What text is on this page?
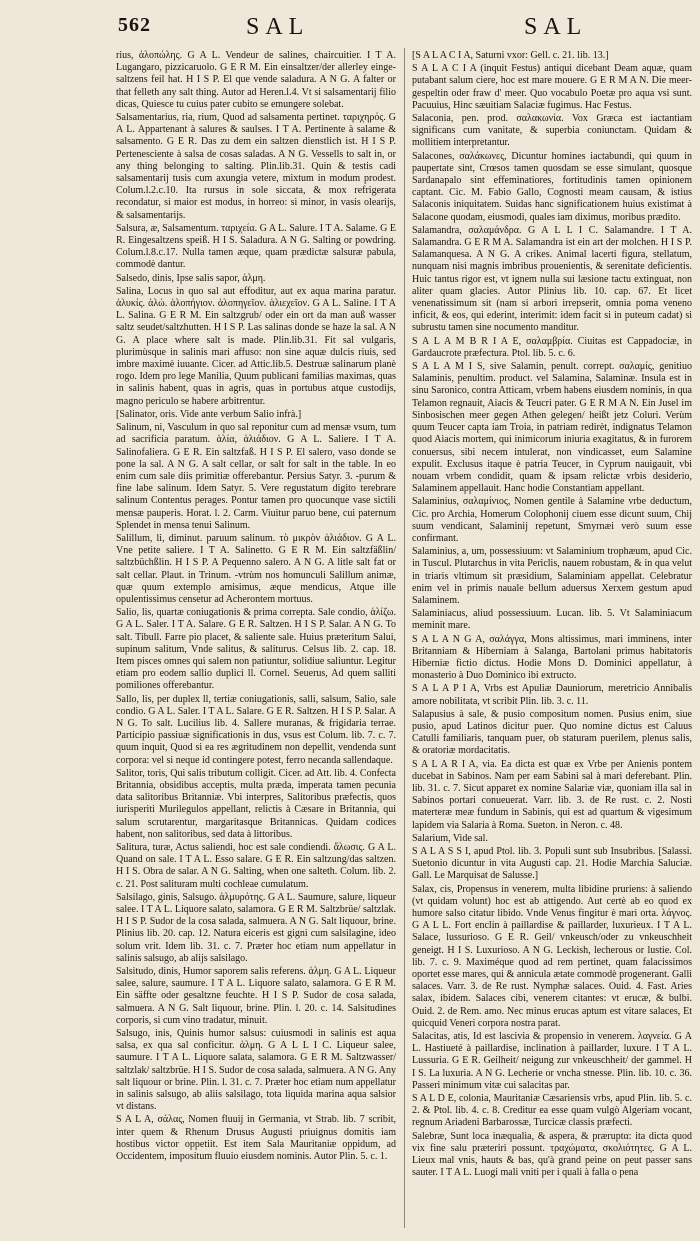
562	SAL	SAL

rius, ἁλοπώλης. G A L. Vendeur de salines, chaircuitier. I T A. Lugangaro, pizzicaruolo. G E R M. Ein einsaltzer/der allerley einge-saltzens feil hat. H I S P. El que vende saladura. A N G. A falter or that felleth any salt thing. Autor ad Heren.l.4. Vt si salsamentarij filio dicas, Quiesce tu cuius pater cubito se emungere solebat.

Salsamentarius, ria, rium, Quod ad salsamenta pertinet. ταριχηρός. G A L. Appartenant à salures & saulses. I T A. Pertinente à salame & salsamento. G E R. Das zu dem ein saltzen dienstlich ist. H I S P. Pertenesciente à salsa de cosas saladas. A N G. Vessells to salt in, or any thing belonging to salting. Plin.lib.31. Quin & testis cadi salsamentarij tusis cum axungia vetere, mixtum in modum prodest. Colum.l.2.c.10. Ita rursus in sole siccata, & mox refrigerata recondatur, si maior est modus, in horreo: si minor, in vasis olearijs, & salsamentarijs.

Salsura, æ, Salsamentum. ταριχεία. G A L. Salure. I T A. Salame. G E R. Eingesaltzens speiß. H I S. Saladura. A N G. Salting or powdring. Colum.l.8.c.17. Nulla tamen æque, quam prædictæ salsuræ pabula, commodè dantur.

Salsedo, dinis, Ipse salis sapor, ἁλμη.

Salina, Locus in quo sal aut effoditur, aut ex aqua marina paratur. ἁλυκίς. ἁλώ. ἁλοπήγιον. ἁλοπηγεῖον. ἁλιεχεῖον. G A L. Saline. I T A L. Salina. G E R M. Ein saltzgrub/ oder ein ort da man auß wasser saltz seudet/saltzhutten. H I S P. Las salinas donde se haze la sal. A N G. A place where salt is made. Plin.lib.31. Fit sal vulgaris, plurimùsque in salinis mari affuso: non sine aquæ dulcis riuis, sed imbre maximè iuuante. Cicer. ad Attic.lib.5. Destruæ salinarum planè rogo. Idem pro lege Manilia, Quum publicani familias maximas, quas in salinis habent, quas in agris, quas in portubus atque custodijs, magno periculo se habere arbitrentur.

[Salinator, oris. Vide ante verbum Salio infrà.]

Salinum, ni, Vasculum in quo sal reponitur cum ad mensæ vsum, tum ad sacrificia paratum. ἁλία, ἁλιάδιον. G A L. Saliere. I T A. Salinofaliera. G E R. Ein saltzfaß. H I S P. El salero, vaso donde se pone la sal. A N G. A salt cellar, or salt for salt in the table. In eo enim cum sale diis primitiæ offerebantur. Persius Satyr. 3. -purum & fine labe salinum. Idem Satyr. 5. Vere regustatum digito terebrare salinum Contentus perages. Pontur tamen pro quocunque vase sictili mensæ pauperis. Horat. l. 2. Carm. Viuitur paruo bene, cui paternum Splendet in mensa tenui Salinum.

Salillum, li, diminut. paruum salinum. τὸ μικρὸν ἁλιάδιον. G A L. Vne petite saliere. I T A. Salinetto. G E R M. Ein saltzfäßlin/ saltzbüchßlin. H I S P. A Pequenno salero. A N G. A litle salt fat or salt cellar. Plaut. in Trinum. -vtrùm nos homunculi Salillum animæ, quæ quum extemplo amisimus, æque mendicus, Atque ille opulentissimus censetur ad Acherontem mortuus.

Salio, lis, quartæ coniugationis & prima correpta. Sale condio, ἁλίζω. G A L. Saler. I T A. Salare. G E R. Saltzen. H I S P. Salar. A N G. To salt. Tibull. Farre pio placet, & saliente sale. Huius præteritum Salui, supinum salitum, Vnde salitus, & saliturus. Celsus lib. 2. cap. 18. Item pisces omnes qui salem non patiuntur, solidiue saliuntur. Legitur etiam pro eodem sallio duplici ll. Cornel. Seuerus, Ad quem salliti pomiliones offerebantur.

Sallo, lis, per duplex ll, tertiæ coniugationis, salli, salsum, Salio, sale condio. G A L. Saler. I T A L. Salare. G E R. Saltzen. H I S P. Salar. A N G. To salt. Lucilius lib. 4. Sallere muranas, & frigidaria terrae. Participio passiuæ significationis in dus, vsus est Colum. lib. 7. c. 7. quum inquit, Quod si ea res ægritudinem non depellit, vendenda sunt corpora: vel si neque id contingere potest, ferro necanda sallendaque.

Salitor, toris, Qui salis tributum colligit. Cicer. ad Att. lib. 4. Confecta Britannia, obsidibus acceptis, multa præda, imperata tamen pecunia data salitoribus Britanniæ. Vbi interpres, Salitoribus præfectis, quos iurisperiti Murilegulos appellant, relictis à Cæsare in Britannia, qui salum scrutarentur, margaritasque Britannicas. Quidam codices habent, non salitoribus, sed data à littoribus.

Salitura, turæ, Actus saliendi, hoc est sale condiendi. ἅλωσις. G A L. Quand on sale. I T A L. Esso salare. G E R. Ein saltzung/das saltzen. H I S. Obra de salar. A N G. Salting, when one salteth. Colum. lib. 2. c. 21. Post salituram multi cochleae cumulatum.

Salsilago, ginis, Salsugo. ἁλμυρότης. G A L. Saumure, salure, liqueur salee. I T A L. Liquore salato, salamora. G E R M. Saltzbrüe/ saltzlak. H I S P. Sudor de la cosa salada, salmuera. A N G. Salt liquour, brine. Plinius lib. 20. cap. 12. Natura eiceris est gigni cum salsilagine, ideo solum vrit. Idem lib. 31. c. 7. Præter hoc etiam num appellatur in salinis salsugo, ab alijs salsilago.

Salsitudo, dinis, Humor saporem salis referens. ἁλμη. G A L. Liqueur salee, salure, saumure. I T A L. Liquore salato, salamora. G E R M. Ein säffte oder gesaltzne feuchte. H I S P. Sudor de cosa salada, salmuera. A N G. Salt liquour, brine. Plin. l. 20. c. 14. Salsitudines corporis, si cum vino tradatur, minuit.

Salsugo, inis, Quinis humor salsus: cuiusmodi in salinis est aqua salsa, ex qua sal conficitur. ἁλμη. G A L L I C. Liqueur salee, saumure. I T A L. Liquore salata, salamora. G E R M. Saltzwasser/ saltzlak/ saltzbrüe. H I S. Sudor de cosa salada, salmuera. A N G. Any salt liquour or brine. Plin. l. 31. c. 7. Præter hoc etiam num appellatur in salinis salsugo, ab aliis salsilago, tota liquida marina aqua salsior vt distans.

S A L A, σάλας, Nomen fluuij in Germania, vt Strab. lib. 7 scribit, inter quem & Rhenum Drusus Augusti priuignus domitis iam hostibus victor oppetiit. Est item Sala Mauritaniæ oppidum, ad Occidentem, impositum fluuio eiusdem nominis. Autor Plin. 5. c. 1.

[S A L A C I A, Saturni vxor: Gell. c. 21. lib. 13.]

S A L A C I A (inquit Festus) antiqui dicebant Deam aquæ, quam putabant salum ciere, hoc est mare mouere. G E R M A N. Die meer-gespeltin oder fraw d' meer. Quo vocabulo Poetæ pro aqua vsi sunt. Pacuuius, Hinc sæuitiam Salaciæ fugimus. Hac Festus.

Salaconia, pen. prod. σαλακωνία. Vox Græca est iactantiam significans cum vanitate, & superbia coniunctam. Quidam & mollitiem interpretantur.

Salacones, σαλάκωνες, Dicuntur homines iactabundi, qui quum in paupertate sint, Crœsos tamen quosdam se esse simulant, quosque Sardanapalo sint effeminatiores, fortitudinis tamen opinionem captant. Cic. M. Fabio Gallo, Cognosti meam causam, & istius Salaconis iniquitatem. Suidas hanc significationem huius existimat à Salacone quodam, eiusmodi, quales iam diximus, moribus prædito.

Salamandra, σαλαμάνδρα. G A L L I C. Salamandre. I T A. Salamandra. G E R M A. Salamandra ist ein art der molchen. H I S P. Salamanquesa. A N G. A crikes. Animal lacerti figura, stellatum, nunquam nisi magnis imbribus prouenientis, & serenitate deficientis. Huic tantus rigor est, vt ignem nulla sui læsione tactu extinguat, non aliter quam glacies. Autor Plinius lib. 10. cap. 67. Et licet venenatissimum sit (nam si arbori irrepserit, omnia poma veneno inficit, & eos, qui ederint, interimit: idem facit si in puteum cadat) si subrustu tamen sine nocumento manditur.

S A L A M B R I A E, σαλαμβρία. Ciuitas est Cappadociæ, in Gardaucrote præfectura. Ptol. lib. 5. c. 6.

S A L A M I S, sive Salamin, penult. corrept. σαλαμίς, genitiuo Salaminis, penultim. product. vel Salamina, Salaminæ. Insula est in sinu Saronico, contra Atticam, vrbem habens eiusdem nominis, in qua Telamon regnauit, Aiacis & Teucri pater. G E R M A N. Ein Jusel im Sinbosischen meer gegen Athen gelegen/ heißt jetz Coluri. Verùm quum Teucer capta iam Troia, in patriam redirèt, indignatus Telamon quod Aiacis mortem, qui inimicorum iniuria exagitatus, & in furorem conuersus, sibi necem intulerat, non vindicasset, eum Salamine expulit. Exclusus itaque è patria Teucer, in Cyprum nauigauit, vbi nouam vrbem condidit, quam & ipsam relictæ vrbis desiderio, Salaminem appellauit. Hanc hodie Constantiam appellant.

Salaminius, σαλαμίνιος, Nomen gentile à Salamine vrbe deductum, Cic. pro Archia, Homerum Colophonij ciuem esse dicunt suum, Chij suum vendicant, Salaminij repetunt, Smyrnæi verò suum esse confirmant.

Salaminius, a, um, possessiuum: vt Salaminium trophæum, apud Cic. in Tuscul. Plutarchus in vita Periclis, nauem robustam, & in qua velut in triaris vltimum sit præsidium, Salaminiam appellat. Celebratur enim vel in primis nauale bellum aduersus Xerxem gestum apud Salaminem.

Salaminiacus, aliud possessiuum. Lucan. lib. 5. Vt Salaminiacum meminit mare.

S A L A N G A, σαλάγγα, Mons altissimus, mari imminens, inter Britanniam & Hiberniam à Salanga, Bartolani primus habitatoris Hiberniæ fictio dictus. Hodie Mons D. Dominici appellatur, à monasterio à Duo Dominico ibi extructo.

S A L A P I A, Vrbs est Apuliæ Dauniorum, meretricio Annibalis amore nobilitata, vt scribit Plin. lib. 3. c. 11.

Salapusius à sale, & pusio compositum nomen. Pusius enim, siue pusio, apud Latinos dicitur puer. Quo nomine dictus est Caluus Catulli familiaris, tanquam puer, ob staturam puerilem, plenus salis, & oratoriæ mordacitatis.

S A L A R I A, via. Ea dicta est quæ ex Vrbe per Anienis pontem ducebat in Sabinos. Nam per eam Sabini sal à mari deferebant. Plin. lib. 31. c. 7. Sicut apparet ex nomine Salariæ viæ, quoniam illa sal in Sabinos portari conueuerat. Varr. lib. 3. de Re rust. c. 2. Nosti materteræ meæ fundum in Sabinis, qui est ad quartum & vigesimum lapidem via Salaria à Roma. Sueton. in Neron. c. 48.

Salarium, Vide sal.

S A L A S S I, apud Ptol. lib. 3. Populi sunt sub Insubribus. [Salassi. Suetonio dicuntur in vita Augusti cap. 21. Hodie Marchia Saluciæ. Gall. Le Marquisat de Salusse.]

Salax, cis, Propensus in venerem, multa libidine pruriens: à saliendo (vt quidam volunt) hoc est ab attigendo. Aut certè ab eo quod ex humore salso citatur libido. Vnde Venus fingitur è mari orta. λάγνος. G A L L. Fort enclin à paillardise & paillarder, luxurieux. I T A L. Salace, lussurioso. G E R. Geil/ vnkeusch/oder zu vnkeuschheit geneigt. H I S. Luxurioso. A N G. Leckish, lecherous or lustie. Col. lib. 7. c. 9. Maximéque quod ad rem pertinet, quam falacissimos oportet esse mares, qui & annicula ætate commodè progenerant. Galli salaces. Varr. 3. de Re rust. Nymphæ salaces. Ouid. 4. Fast. Aries salax, ibidem. Salaces cibi, venerem citantes: vt erucæ, & bulbi. Ouid. 2. de Rem. amo. Nec minus erucas aptum est vitare salaces, Et quicquid Veneri corpora nostra parat.

Salacitas, atis, Id est lascivia & propensio in venerem. λαγνεία. G A L. Hastiueté à paillardise, inclination à paillarder, luxure. I T A L. Lussuria. G E R. Geilheit/ neigung zur vnkeuschheit/ der gammel. H I S. La luxuria. A N G. Lecherie or vncha stnesse. Plin. lib. 10. c. 36. Passeri minimum vitæ cui salacitas par.

S A L D E, colonia, Mauritaniæ Cæsariensis vrbs, apud Plin. lib. 5. c. 2. & Ptol. lib. 4. c. 8. Creditur ea esse quam vulgò Algeriam vocant, regnum Ariadeni Barbarossæ, Turcicæ classis præfecti.

Salebræ, Sunt loca inæqualia, & aspera, & præruptα: ita dicta quod vix fine salu præteriri possunt. τραχώματα, σκολιότητες. G A L. Lieux mal vnis, hauts & bas, qu'à grand peine on peut passer sans sauter. I T A L. Luogi mali vniti per i quali à falla o pena
